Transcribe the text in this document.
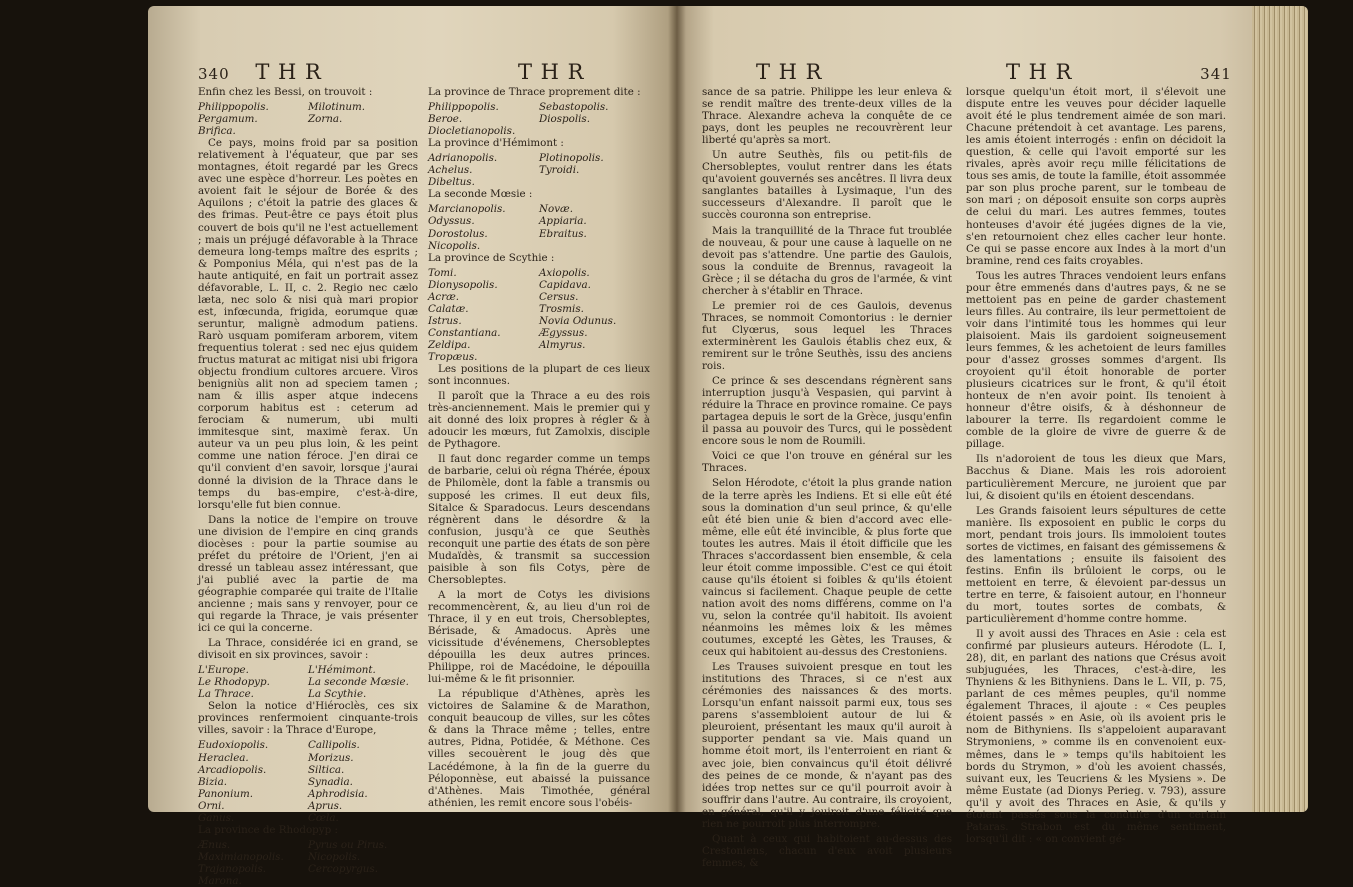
340 T H R	T H R

Enfin chez les Bessi, on trouvoit :

Philippopolis.	Milotinum.
Pergamum.	Zorna.
Brifica.

Ce pays, moins froid par sa position relativement à l'équateur, que par ses montagnes, étoit regardé par les Grecs avec une espèce d'horreur. Les poètes en avoient fait le séjour de Borée & des Aquilons ; c'étoit la patrie des glaces & des frimas. Peut-être ce pays étoit plus couvert de bois qu'il ne l'est actuellement ; mais un préjugé défavorable à la Thrace demeura long-temps maître des esprits ; & Pomponius Méla, qui n'est pas de la haute antiquité, en fait un portrait assez défavorable, L. II, c. 2. Regio nec cælo læta, nec solo & nisi quà mari propior est, infœcunda, frigida, eorumque quæ seruntur, malignè admodum patiens. Rarò usquam pomiferam arborem, vitem frequentius tolerat : sed nec ejus quidem fructus maturat ac mitigat nisi ubi frigora objectu frondium cultores arcuere. Viros benigniùs alit non ad speciem tamen ; nam & illis asper atque indecens corporum habitus est : ceterum ad ferociam & numerum, ubi multi immitesque sint, maximè ferax. Un auteur va un peu plus loin, & les peint comme une nation féroce. J'en dirai ce qu'il convient d'en savoir, lorsque j'aurai donné la division de la Thrace dans le temps du bas-empire, c'est-à-dire, lorsqu'elle fut bien connue.

Dans la notice de l'empire on trouve une division de l'empire en cinq grands diocèses : pour la partie soumise au préfet du prétoire de l'Orient, j'en ai dressé un tableau assez intéressant, que j'ai publié avec la partie de ma géographie comparée qui traite de l'Italie ancienne ; mais sans y renvoyer, pour ce qui regarde la Thrace, je vais présenter ici ce qui la concerne.

La Thrace, considérée ici en grand, se divisoit en six provinces, savoir :

L'Europe.	L'Hémimont.
Le Rhodopyp.	La seconde Mœsie.
La Thrace.	La Scythie.

Selon la notice d'Hiéroclès, ces six provinces renfermoient cinquante-trois villes, savoir : la Thrace d'Europe,

Eudoxiopolis.	Callipolis.
Heraclea.	Morizus.
Arcadiopolis.	Siltica.
Bizia.	Synadia.
Panonium.	Aphrodisia.
Orni.	Aprus.
Ganus.	Cœla.

La province de Rhodopyp :

Ænus.	Pyrus ou Pirus.
Maximianopolis.	Nicopolis.
Trajanopolis.	Cercopyrgus.
Marona.

La province de Thrace proprement dite :

Philippopolis.	Sebastopolis.
Beroe.	Diospolis.
Diocletianopolis.

La province d'Hémimont :

Adrianopolis.	Plotinopolis.
Achelus.	Tyroidi.
Dibeltus.

La seconde Mœsie :

Marcianopolis.	Novæ.
Odyssus.	Appiaria.
Dorostolus.	Ebraitus.
Nicopolis.

La province de Scythie :

Tomi.	Axiopolis.
Dionysopolis.	Capidava.
Acræ.	Cersus.
Calatæ.	Trosmis.
Istrus.	Novia Odunus.
Constantiana.	Ægyssus.
Zeldipa.	Almyrus.
Tropæus.

Les positions de la plupart de ces lieux sont inconnues.

Il paroît que la Thrace a eu des rois très-anciennement. Mais le premier qui y ait donné des loix propres à régler & à adoucir les mœurs, fut Zamolxis, disciple de Pythagore.

Il faut donc regarder comme un temps de barbarie, celui où régna Thérée, époux de Philomèle, dont la fable a transmis ou supposé les crimes. Il eut deux fils, Sitalce & Sparadocus. Leurs descendans régnèrent dans le désordre & la confusion, jusqu'à ce que Seuthès reconquit une partie des états de son père Mudaïdès, & transmit sa succession paisible à son fils Cotys, père de Chersobleptes.

A la mort de Cotys les divisions recommencèrent, &, au lieu d'un roi de Thrace, il y en eut trois, Chersobleptes, Bérisade, & Amadocus. Après une vicissitude d'événemens, Chersobleptes dépouilla les deux autres princes. Philippe, roi de Macédoine, le dépouilla lui-même & le fit prisonnier.

La république d'Athènes, après les victoires de Salamine & de Marathon, conquit beaucoup de villes, sur les côtes & dans la Thrace même ; telles, entre autres, Pidna, Potidée, & Méthone. Ces villes secouèrent le joug dès que Lacédémone, à la fin de la guerre du Péloponnèse, eut abaissé la puissance d'Athènes. Mais Timothée, général athénien, les remit encore sous l'obéis-

T H R	T H R	341

sance de sa patrie. Philippe les leur enleva & se rendit maître des trente-deux villes de la Thrace. Alexandre acheva la conquête de ce pays, dont les peuples ne recouvrèrent leur liberté qu'après sa mort.

Un autre Seuthès, fils ou petit-fils de Chersobleptes, voulut rentrer dans les états qu'avoient gouvernés ses ancêtres. Il livra deux sanglantes batailles à Lysimaque, l'un des successeurs d'Alexandre. Il paroît que le succès couronna son entreprise.

Mais la tranquillité de la Thrace fut troublée de nouveau, & pour une cause à laquelle on ne devoit pas s'attendre. Une partie des Gaulois, sous la conduite de Brennus, ravageoit la Grèce ; il se détacha du gros de l'armée, & vint chercher à s'établir en Thrace.

Le premier roi de ces Gaulois, devenus Thraces, se nommoit Comontorius : le dernier fut Clyœrus, sous lequel les Thraces exterminèrent les Gaulois établis chez eux, & remirent sur le trône Seuthès, issu des anciens rois.

Ce prince & ses descendans régnèrent sans interruption jusqu'à Vespasien, qui parvint à réduire la Thrace en province romaine. Ce pays partagea depuis le sort de la Grèce, jusqu'enfin il passa au pouvoir des Turcs, qui le possèdent encore sous le nom de Roumili.

Voici ce que l'on trouve en général sur les Thraces.

Selon Hérodote, c'étoit la plus grande nation de la terre après les Indiens. Et si elle eût été sous la domination d'un seul prince, & qu'elle eût été bien unie & bien d'accord avec elle-même, elle eût été invincible, & plus forte que toutes les autres. Mais il étoit difficile que les Thraces s'accordassent bien ensemble, & cela leur étoit comme impossible. C'est ce qui étoit cause qu'ils étoient si foibles & qu'ils étoient vaincus si facilement. Chaque peuple de cette nation avoit des noms différens, comme on l'a vu, selon la contrée qu'il habitoit. Ils avoient néanmoins les mêmes loix & les mêmes coutumes, excepté les Gètes, les Trauses, & ceux qui habitoient au-dessus des Crestoniens.

Les Trauses suivoient presque en tout les institutions des Thraces, si ce n'est aux cérémonies des naissances & des morts. Lorsqu'un enfant naissoit parmi eux, tous ses parens s'assembloient autour de lui & pleuroient, présentant les maux qu'il auroit à supporter pendant sa vie. Mais quand un homme étoit mort, ils l'enterroient en riant & avec joie, bien convaincus qu'il étoit délivré des peines de ce monde, & n'ayant pas des idées trop nettes sur ce qu'il pourroit avoir à souffrir dans l'autre. Au contraire, ils croyoient, en général, qu'il y jouiroit d'une félicité que rien ne pourroit plus interrompre.

Quant à ceux qui habitoient au-dessus des Crestoniens, chacun d'eux avoit plusieurs femmes, &

lorsque quelqu'un étoit mort, il s'élevoit une dispute entre les veuves pour décider laquelle avoit été le plus tendrement aimée de son mari. Chacune prétendoit à cet avantage. Les parens, les amis étoient interrogés : enfin on décidoit la question, & celle qui l'avoit emporté sur les rivales, après avoir reçu mille félicitations de tous ses amis, de toute la famille, étoit assommée par son plus proche parent, sur le tombeau de son mari ; on déposoit ensuite son corps auprès de celui du mari. Les autres femmes, toutes honteuses d'avoir été jugées dignes de la vie, s'en retournoient chez elles cacher leur honte. Ce qui se passe encore aux Indes à la mort d'un bramine, rend ces faits croyables.

Tous les autres Thraces vendoient leurs enfans pour être emmenés dans d'autres pays, & ne se mettoient pas en peine de garder chastement leurs filles. Au contraire, ils leur permettoient de voir dans l'intimité tous les hommes qui leur plaisoient. Mais ils gardoient soigneusement leurs femmes, & les achetoient de leurs familles pour d'assez grosses sommes d'argent. Ils croyoient qu'il étoit honorable de porter plusieurs cicatrices sur le front, & qu'il étoit honteux de n'en avoir point. Ils tenoient à honneur d'être oisifs, & à déshonneur de labourer la terre. Ils regardoient comme le comble de la gloire de vivre de guerre & de pillage.

Ils n'adoroient de tous les dieux que Mars, Bacchus & Diane. Mais les rois adoroient particulièrement Mercure, ne juroient que par lui, & disoient qu'ils en étoient descendans.

Les Grands faisoient leurs sépultures de cette manière. Ils exposoient en public le corps du mort, pendant trois jours. Ils immoloient toutes sortes de victimes, en faisant des gémissemens & des lamentations ; ensuite ils faisoient des festins. Enfin ils brûloient le corps, ou le mettoient en terre, & élevoient par-dessus un tertre en terre, & faisoient autour, en l'honneur du mort, toutes sortes de combats, & particulièrement d'homme contre homme.

Il y avoit aussi des Thraces en Asie : cela est confirmé par plusieurs auteurs. Hérodote (L. I, 28), dit, en parlant des nations que Crésus avoit subjuguées, les Thraces, c'est-à-dire, les Thyniens & les Bithyniens. Dans le L. VII, p. 75, parlant de ces mêmes peuples, qu'il nomme également Thraces, il ajoute : « Ces peuples étoient passés » en Asie, où ils avoient pris le nom de Bithyniens. Ils s'appeloient auparavant Strymoniens, » comme ils en convenoient eux-mêmes, dans le » temps qu'ils habitoient les bords du Strymon, » d'où les avoient chassés, suivant eux, les Teucriens & les Mysiens ». De même Eustate (ad Dionys Perieg. v. 793), assure qu'il y avoit des Thraces en Asie, & qu'ils y étoient passés sous la conduite d'un certain Pataras. Strabon est du même sentiment, lorsqu'il dit : « on convient gé-
